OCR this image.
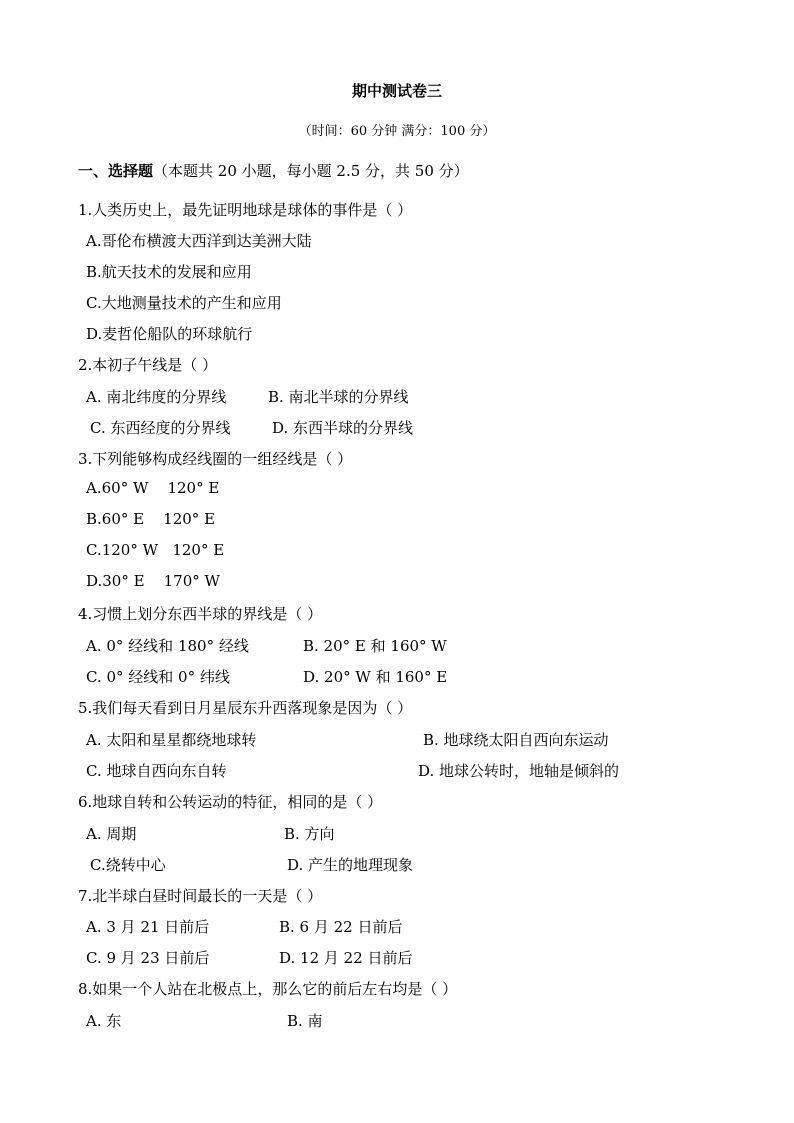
期中测试卷三
（时间：60 分钟 满分：100 分）
一、选择题（本题共 20 小题，每小题 2.5 分，共 50 分）
1.人类历史上，最先证明地球是球体的事件是（ ）
A.哥伦布横渡大西洋到达美洲大陆
B.航天技术的发展和应用
C.大地测量技术的产生和应用
D.麦哲伦船队的环球航行
2.本初子午线是（ ）
A. 南北纬度的分界线	B. 南北半球的分界线
C. 东西经度的分界线	D. 东西半球的分界线
3.下列能够构成经线圈的一组经线是（ ）
A.60° W    120° E
B.60° E    120° E
C.120° W   120° E
D.30° E    170° W
4.习惯上划分东西半球的界线是（ ）
A. 0° 经线和 180° 经线	B. 20° E 和 160° W
C. 0° 经线和 0° 纬线	D. 20° W 和 160° E
5.我们每天看到日月星辰东升西落现象是因为（ ）
A. 太阳和星星都绕地球转	B. 地球绕太阳自西向东运动
C. 地球自西向东自转	D. 地球公转时，地轴是倾斜的
6.地球自转和公转运动的特征，相同的是（ ）
A. 周期	B. 方向
C.绕转中心	D. 产生的地理现象
7.北半球白昼时间最长的一天是（ ）
A. 3 月 21 日前后	B. 6 月 22 日前后
C. 9 月 23 日前后	D. 12 月 22 日前后
8.如果一个人站在北极点上，那么它的前后左右均是（ ）
A. 东	B. 南
